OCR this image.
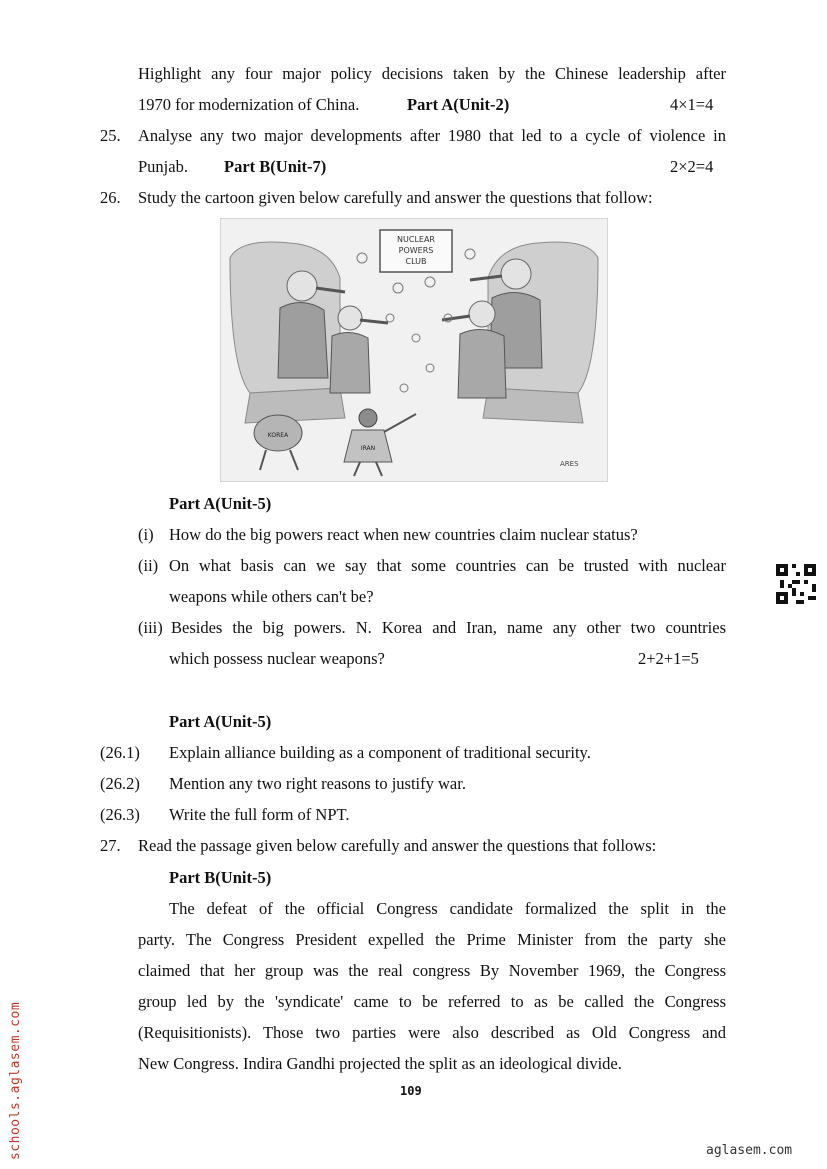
Highlight any four major policy decisions taken by the Chinese leadership after
1970 for modernization of China.	Part A(Unit-2)	4×1=4
25. Analyse any two major developments after 1980 that led to a cycle of violence in
Punjab. Part B(Unit-7)	2×2=4
26. Study the cartoon given below carefully and answer the questions that follow:
NUCLEAR
POWERS
CLUB
KOREA
IRAN
ARES
Part A(Unit-5)
(i) How do the big powers react when new countries claim nuclear status?
(ii) On what basis can we say that some countries can be trusted with nuclear
weapons while others can't be?
(iii) Besides the big powers. N. Korea and Iran, name any other two countries
which possess nuclear weapons?	2+2+1=5
Part A(Unit-5)
(26.1) Explain alliance building as a component of traditional security.
(26.2) Mention any two right reasons to justify war.
(26.3) Write the full form of NPT.
27. Read the passage given below carefully and answer the questions that follows:
Part B(Unit-5)
The defeat of the official Congress candidate formalized the split in the
party. The Congress President expelled the Prime Minister from the party she
claimed that her group was the real congress By November 1969, the Congress
group led by the 'syndicate' came to be referred to as be called the Congress
(Requisitionists). Those two parties were also described as Old Congress and
New Congress. Indira Gandhi projected the split as an ideological divide.
109
schools.aglasem.com	aglasem.com
